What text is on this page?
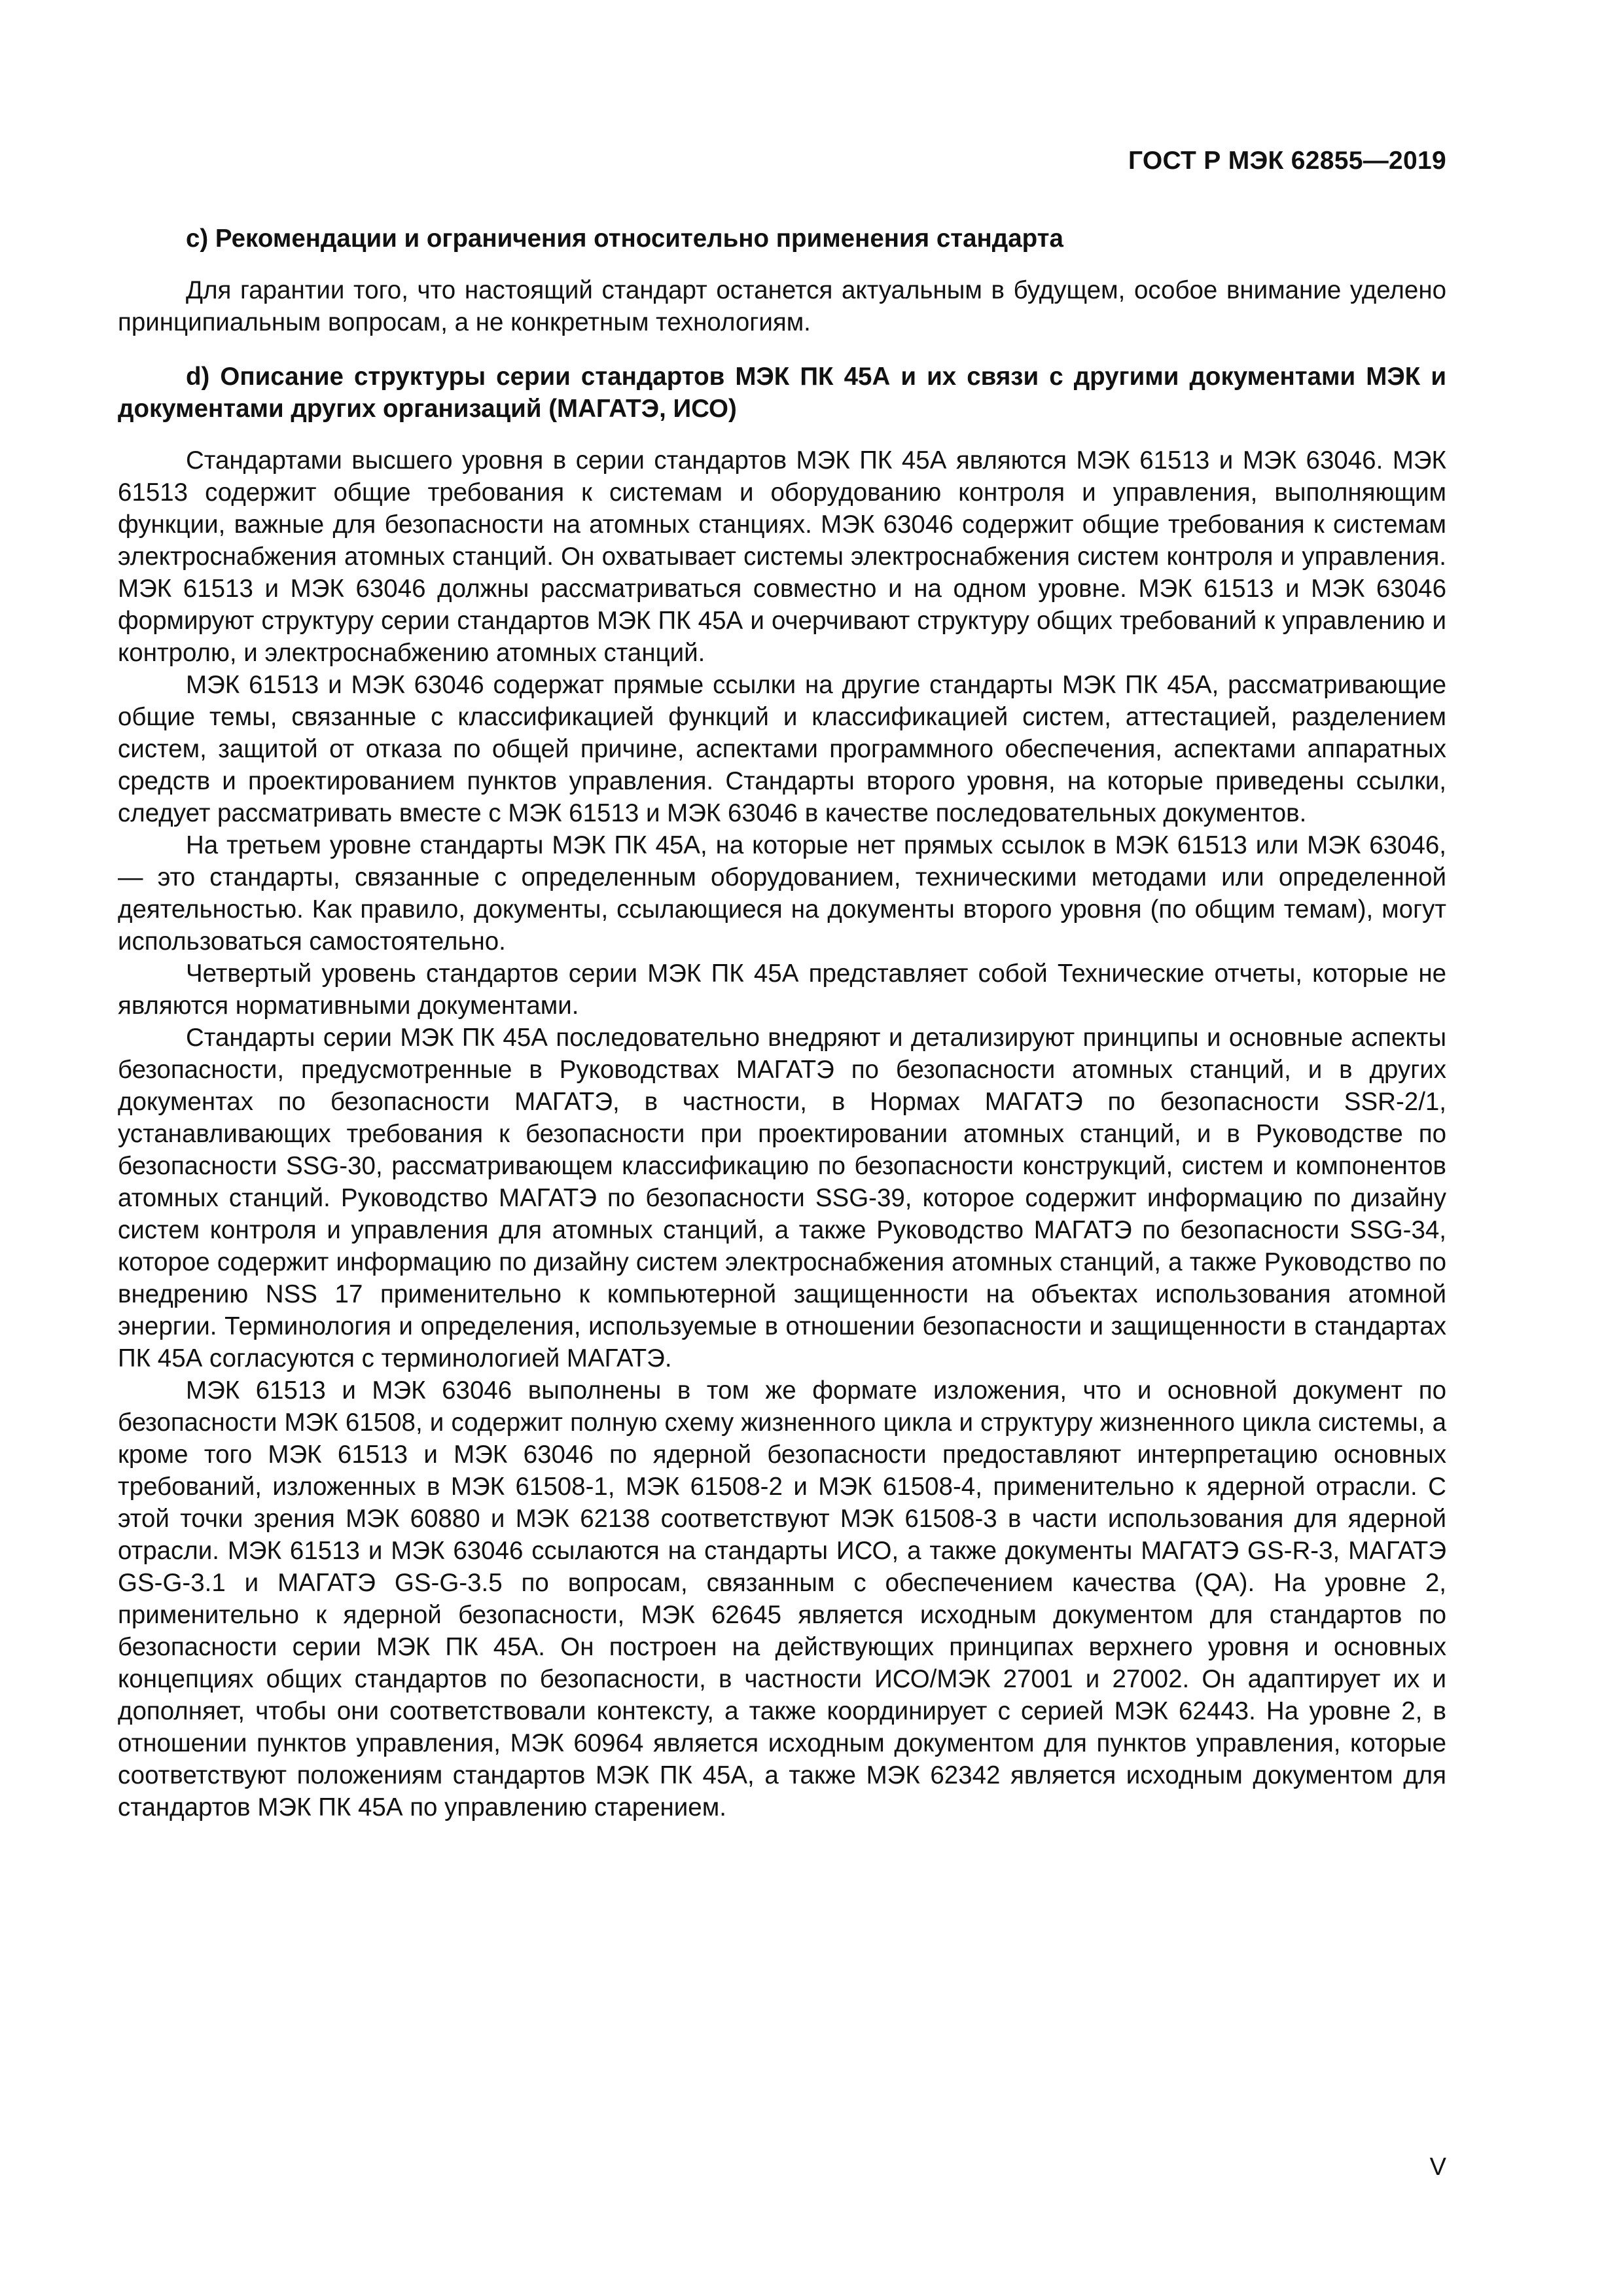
ГОСТ Р МЭК 62855—2019

c) Рекомендации и ограничения относительно применения стандарта

Для гарантии того, что настоящий стандарт останется актуальным в будущем, особое внимание уделено принципиальным вопросам, а не конкретным технологиям.

d) Описание структуры серии стандартов МЭК ПК 45А и их связи с другими документами МЭК и документами других организаций (МАГАТЭ, ИСО)

Стандартами высшего уровня в серии стандартов МЭК ПК 45А являются МЭК 61513 и МЭК 63046. МЭК 61513 содержит общие требования к системам и оборудованию контроля и управления, выполняющим функции, важные для безопасности на атомных станциях. МЭК 63046 содержит общие требования к системам электроснабжения атомных станций. Он охватывает системы электроснабжения систем контроля и управления. МЭК 61513 и МЭК 63046 должны рассматриваться совместно и на одном уровне. МЭК 61513 и МЭК 63046 формируют структуру серии стандартов МЭК ПК 45А и очерчивают структуру общих требований к управлению и контролю, и электроснабжению атомных станций.

МЭК 61513 и МЭК 63046 содержат прямые ссылки на другие стандарты МЭК ПК 45А, рассматривающие общие темы, связанные с классификацией функций и классификацией систем, аттестацией, разделением систем, защитой от отказа по общей причине, аспектами программного обеспечения, аспектами аппаратных средств и проектированием пунктов управления. Стандарты второго уровня, на которые приведены ссылки, следует рассматривать вместе с МЭК 61513 и МЭК 63046 в качестве последовательных документов.

На третьем уровне стандарты МЭК ПК 45А, на которые нет прямых ссылок в МЭК 61513 или МЭК 63046, — это стандарты, связанные с определенным оборудованием, техническими методами или определенной деятельностью. Как правило, документы, ссылающиеся на документы второго уровня (по общим темам), могут использоваться самостоятельно.

Четвертый уровень стандартов серии МЭК ПК 45А представляет собой Технические отчеты, которые не являются нормативными документами.

Стандарты серии МЭК ПК 45А последовательно внедряют и детализируют принципы и основные аспекты безопасности, предусмотренные в Руководствах МАГАТЭ по безопасности атомных станций, и в других документах по безопасности МАГАТЭ, в частности, в Нормах МАГАТЭ по безопасности SSR-2/1, устанавливающих требования к безопасности при проектировании атомных станций, и в Руководстве по безопасности SSG-30, рассматривающем классификацию по безопасности конструкций, систем и компонентов атомных станций. Руководство МАГАТЭ по безопасности SSG-39, которое содержит информацию по дизайну систем контроля и управления для атомных станций, а также Руководство МАГАТЭ по безопасности SSG-34, которое содержит информацию по дизайну систем электроснабжения атомных станций, а также Руководство по внедрению NSS 17 применительно к компьютерной защищенности на объектах использования атомной энергии. Терминология и определения, используемые в отношении безопасности и защищенности в стандартах ПК 45А согласуются с терминологией МАГАТЭ.

МЭК 61513 и МЭК 63046 выполнены в том же формате изложения, что и основной документ по безопасности МЭК 61508, и содержит полную схему жизненного цикла и структуру жизненного цикла системы, а кроме того МЭК 61513 и МЭК 63046 по ядерной безопасности предоставляют интерпретацию основных требований, изложенных в МЭК 61508-1, МЭК 61508-2 и МЭК 61508-4, применительно к ядерной отрасли. С этой точки зрения МЭК 60880 и МЭК 62138 соответствуют МЭК 61508-3 в части использования для ядерной отрасли. МЭК 61513 и МЭК 63046 ссылаются на стандарты ИСО, а также документы МАГАТЭ GS-R-3, МАГАТЭ GS-G-3.1 и МАГАТЭ GS-G-3.5 по вопросам, связанным с обеспечением качества (QA). На уровне 2, применительно к ядерной безопасности, МЭК 62645 является исходным документом для стандартов по безопасности серии МЭК ПК 45А. Он построен на действующих принципах верхнего уровня и основных концепциях общих стандартов по безопасности, в частности ИСО/МЭК 27001 и 27002. Он адаптирует их и дополняет, чтобы они соответствовали контексту, а также координирует с серией МЭК 62443. На уровне 2, в отношении пунктов управления, МЭК 60964 является исходным документом для пунктов управления, которые соответствуют положениям стандартов МЭК ПК 45А, а также МЭК 62342 является исходным документом для стандартов МЭК ПК 45А по управлению старением.

V
